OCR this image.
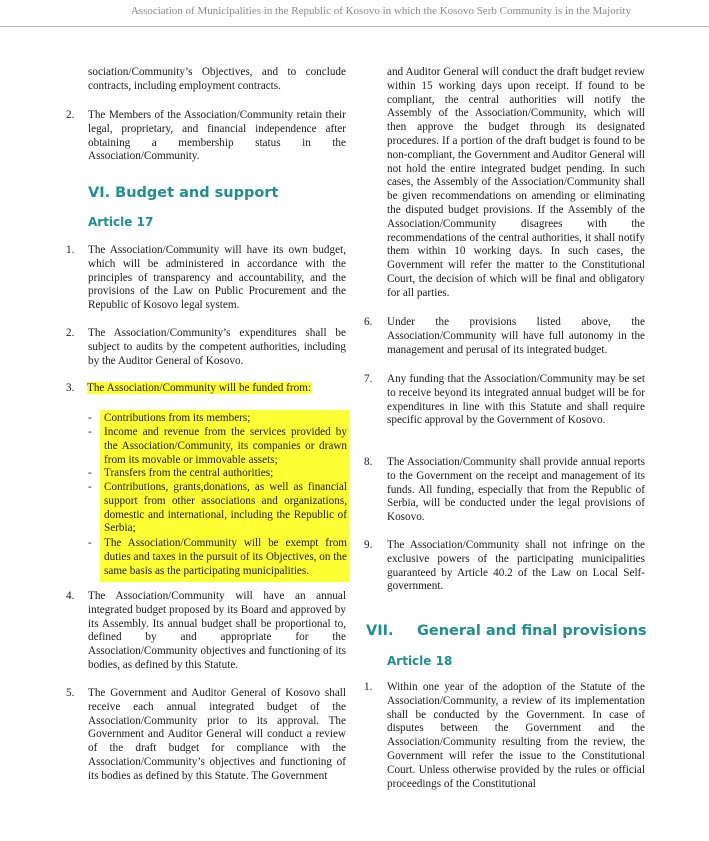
Association of Municipalities in the Republic of Kosovo in which the Kosovo Serb Community is in the Majority
sociation/Community’s Objectives, and to conclude contracts, including employment contracts.
2. The Members of the Association/Community retain their legal, proprietary, and financial independence after obtaining a membership status in the Association/Community.
VI. Budget and support
Article 17
1. The Association/Community will have its own budget, which will be administered in accordance with the principles of transparency and accountability, and the provisions of the Law on Public Procurement and the Republic of Kosovo legal system.
2. The Association/Community’s expenditures shall be subject to audits by the competent authorities, including by the Auditor General of Kosovo.
3. The Association/Community will be funded from:
- Contributions from its members;
- Income and revenue from the services provided by the Association/Community, its companies or drawn from its movable or immovable assets;
- Transfers from the central authorities;
- Contributions, grants,donations, as well as financial support from other associations and organizations, domestic and international, including the Republic of Serbia;
- The Association/Community will be exempt from duties and taxes in the pursuit of its Objectives, on the same basis as the participating municipalities.
4. The Association/Community will have an annual integrated budget proposed by its Board and approved by its Assembly. Its annual budget shall be proportional to, defined by and appropriate for the Association/Community objectives and functioning of its bodies, as defined by this Statute.
5. The Government and Auditor General of Kosovo shall receive each annual integrated budget of the Association/Community prior to its approval. The Government and Auditor General will conduct a review of the draft budget for compliance with the Association/Community’s objectives and functioning of its bodies as defined by this Statute. The Government
and Auditor General will conduct the draft budget review within 15 working days upon receipt. If found to be compliant, the central authorities will notify the Assembly of the Association/Community, which will then approve the budget through its designated procedures. If a portion of the draft budget is found to be non-compliant, the Government and Auditor General will not hold the entire integrated budget pending. In such cases, the Assembly of the Association/Community shall be given recommendations on amending or eliminating the disputed budget provisions. If the Assembly of the Association/Community disagrees with the recommendations of the central authorities, it shall notify them within 10 working days. In such cases, the Government will refer the matter to the Constitutional Court, the decision of which will be final and obligatory for all parties.
6. Under the provisions listed above, the Association/Community will have full autonomy in the management and perusal of its integrated budget.
7. Any funding that the Association/Community may be set to receive beyond its integrated annual budget will be for expenditures in line with this Statute and shall require specific approval by the Government of Kosovo.
8. The Association/Community shall provide annual reports to the Government on the receipt and management of its funds. All funding, especially that from the Republic of Serbia, will be conducted under the legal provisions of Kosovo.
9. The Association/Community shall not infringe on the exclusive powers of the participating municipalities guaranteed by Article 40.2 of the Law on Local Self-government.
VII. General and final provisions
Article 18
1. Within one year of the adoption of the Statute of the Association/Community, a review of its implementation shall be conducted by the Government. In case of disputes between the Government and the Association/Community resulting from the review, the Government will refer the issue to the Constitutional Court. Unless otherwise provided by the rules or official proceedings of the Constitutional
